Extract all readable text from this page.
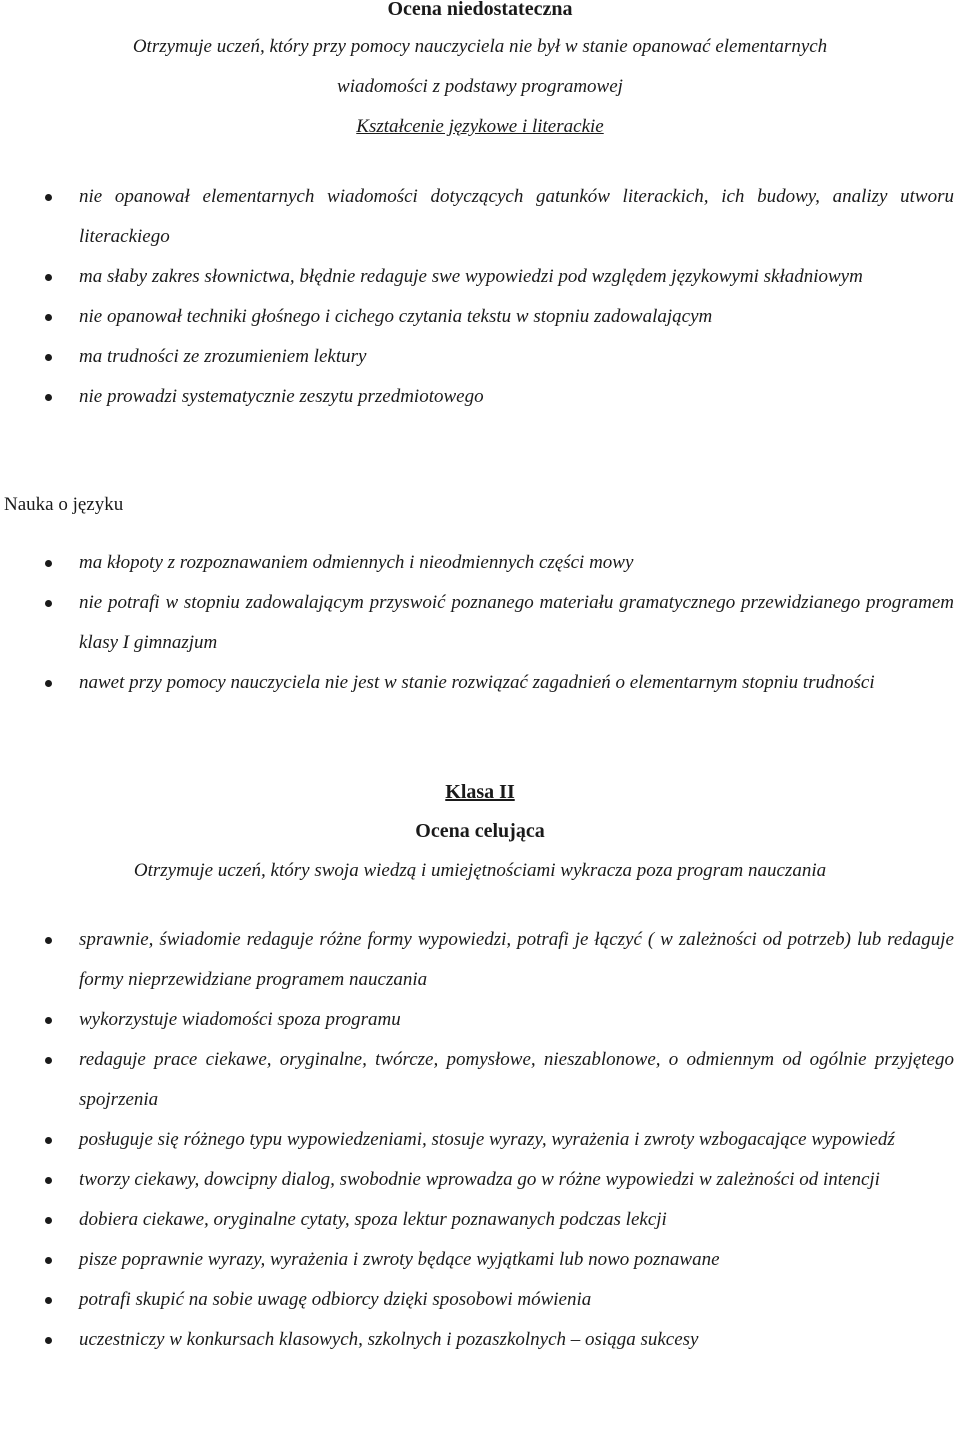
Ocena niedostateczna
Otrzymuje uczeń, który przy pomocy nauczyciela nie był w stanie opanować elementarnych
wiadomości z podstawy programowej
Kształcenie językowe i literackie
nie opanował elementarnych wiadomości dotyczących gatunków literackich, ich budowy, analizy utworu literackiego
ma słaby zakres słownictwa, błędnie redaguje swe wypowiedzi pod względem językowymi składniowym
nie opanował techniki głośnego i cichego czytania tekstu w stopniu zadowalającym
ma trudności ze zrozumieniem lektury
nie prowadzi systematycznie zeszytu przedmiotowego
Nauka o języku
ma kłopoty z rozpoznawaniem odmiennych i nieodmiennych części mowy
nie potrafi w stopniu zadowalającym przyswoić poznanego materiału gramatycznego przewidzianego programem klasy I gimnazjum
nawet przy pomocy nauczyciela nie jest w stanie rozwiązać zagadnień o elementarnym stopniu trudności
Klasa II
Ocena celująca
Otrzymuje uczeń, który swoja wiedzą i umiejętnościami wykracza poza program nauczania
sprawnie, świadomie redaguje różne formy wypowiedzi, potrafi je łączyć ( w zależności od potrzeb) lub redaguje formy nieprzewidziane programem nauczania
wykorzystuje wiadomości spoza programu
redaguje prace ciekawe, oryginalne, twórcze, pomysłowe, nieszablonowe, o odmiennym od ogólnie przyjętego spojrzenia
posługuje się różnego typu wypowiedzeniami, stosuje wyrazy, wyrażenia i zwroty wzbogacające wypowiedź
tworzy ciekawy, dowcipny dialog, swobodnie wprowadza go w różne wypowiedzi w zależności od intencji
dobiera ciekawe, oryginalne cytaty, spoza lektur poznawanych podczas lekcji
pisze poprawnie wyrazy, wyrażenia i zwroty będące wyjątkami lub nowo poznawane
potrafi skupić na sobie uwagę odbiorcy dzięki sposobowi mówienia
uczestniczy w konkursach klasowych, szkolnych i pozaszkolnych – osiąga sukcesy
